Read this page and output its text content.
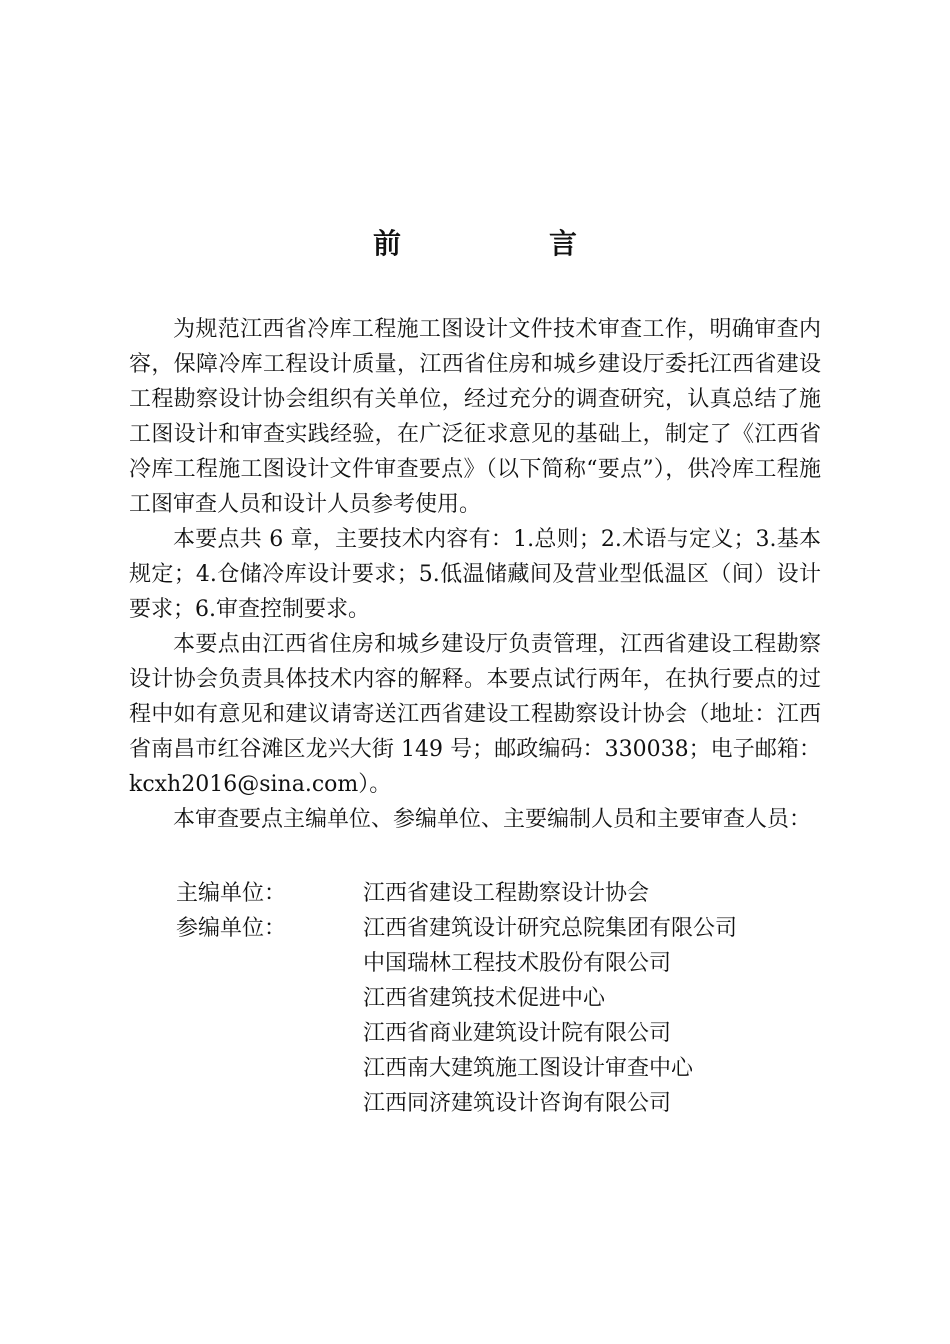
前　言

为规范江西省冷库工程施工图设计文件技术审查工作，明确审查内容，保障冷库工程设计质量，江西省住房和城乡建设厅委托江西省建设工程勘察设计协会组织有关单位，经过充分的调查研究，认真总结了施工图设计和审查实践经验，在广泛征求意见的基础上，制定了《江西省冷库工程施工图设计文件审查要点》（以下简称“要点”），供冷库工程施工图审查人员和设计人员参考使用。

本要点共 6 章，主要技术内容有：1.总则；2.术语与定义；3.基本规定；4.仓储冷库设计要求；5.低温储藏间及营业型低温区（间）设计要求；6.审查控制要求。

本要点由江西省住房和城乡建设厅负责管理，江西省建设工程勘察设计协会负责具体技术内容的解释。本要点试行两年，在执行要点的过程中如有意见和建议请寄送江西省建设工程勘察设计协会（地址：江西省南昌市红谷滩区龙兴大街 149 号；邮政编码：330038；电子邮箱：kcxh2016@sina.com）。

本审查要点主编单位、参编单位、主要编制人员和主要审查人员：

主编单位：	江西省建设工程勘察设计协会
参编单位：	江西省建筑设计研究总院集团有限公司
中国瑞林工程技术股份有限公司
江西省建筑技术促进中心
江西省商业建筑设计院有限公司
江西南大建筑施工图设计审查中心
江西同济建筑设计咨询有限公司
